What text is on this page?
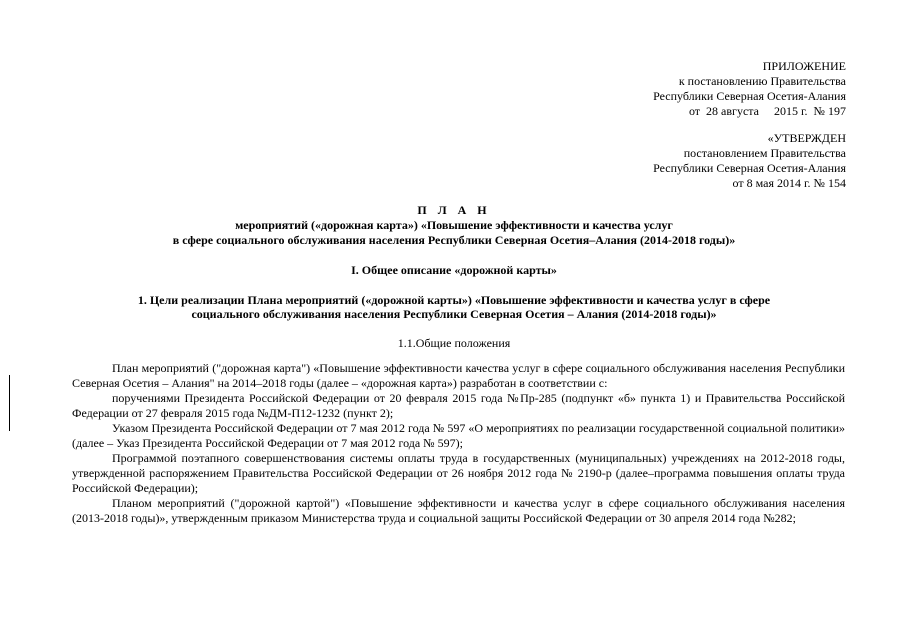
ПРИЛОЖЕНИЕ
к постановлению Правительства
Республики Северная Осетия-Алания
от  28 августа     2015 г.  № 197
«УТВЕРЖДЕН
постановлением Правительства
Республики Северная Осетия-Алания
от 8 мая 2014 г. № 154
П Л А Н
мероприятий («дорожная карта») «Повышение эффективности и качества услуг
в сфере социального обслуживания населения Республики Северная Осетия–Алания (2014-2018 годы)»
I. Общее описание «дорожной карты»
1. Цели реализации Плана мероприятий («дорожной карты») «Повышение эффективности и качества услуг в сфере
социального обслуживания населения Республики Северная Осетия – Алания (2014-2018 годы)»
1.1.Общие положения

План мероприятий ("дорожная карта") «Повышение эффективности качества услуг в сфере социального обслуживания населения Республики Северная Осетия – Алания" на 2014–2018 годы (далее – «дорожная карта») разработан в соответствии с:

поручениями Президента Российской Федерации от 20 февраля 2015 года №Пр-285 (подпункт «б» пункта 1) и Правительства Российской Федерации от 27 февраля 2015 года №ДМ-П12-1232 (пункт 2);

Указом Президента Российской Федерации от 7 мая 2012 года № 597 «О мероприятиях по реализации государственной социальной политики» (далее – Указ Президента Российской Федерации от 7 мая 2012 года № 597);

Программой поэтапного совершенствования системы оплаты труда в государственных (муниципальных) учреждениях на 2012-2018 годы, утвержденной распоряжением Правительства Российской Федерации от 26 ноября 2012 года № 2190-р (далее–программа повышения оплаты труда Российской Федерации);

Планом мероприятий ("дорожной картой") «Повышение эффективности и качества услуг в сфере социального обслуживания населения (2013-2018 годы)», утвержденным приказом Министерства труда и социальной защиты Российской Федерации от 30 апреля 2014 года №282;
